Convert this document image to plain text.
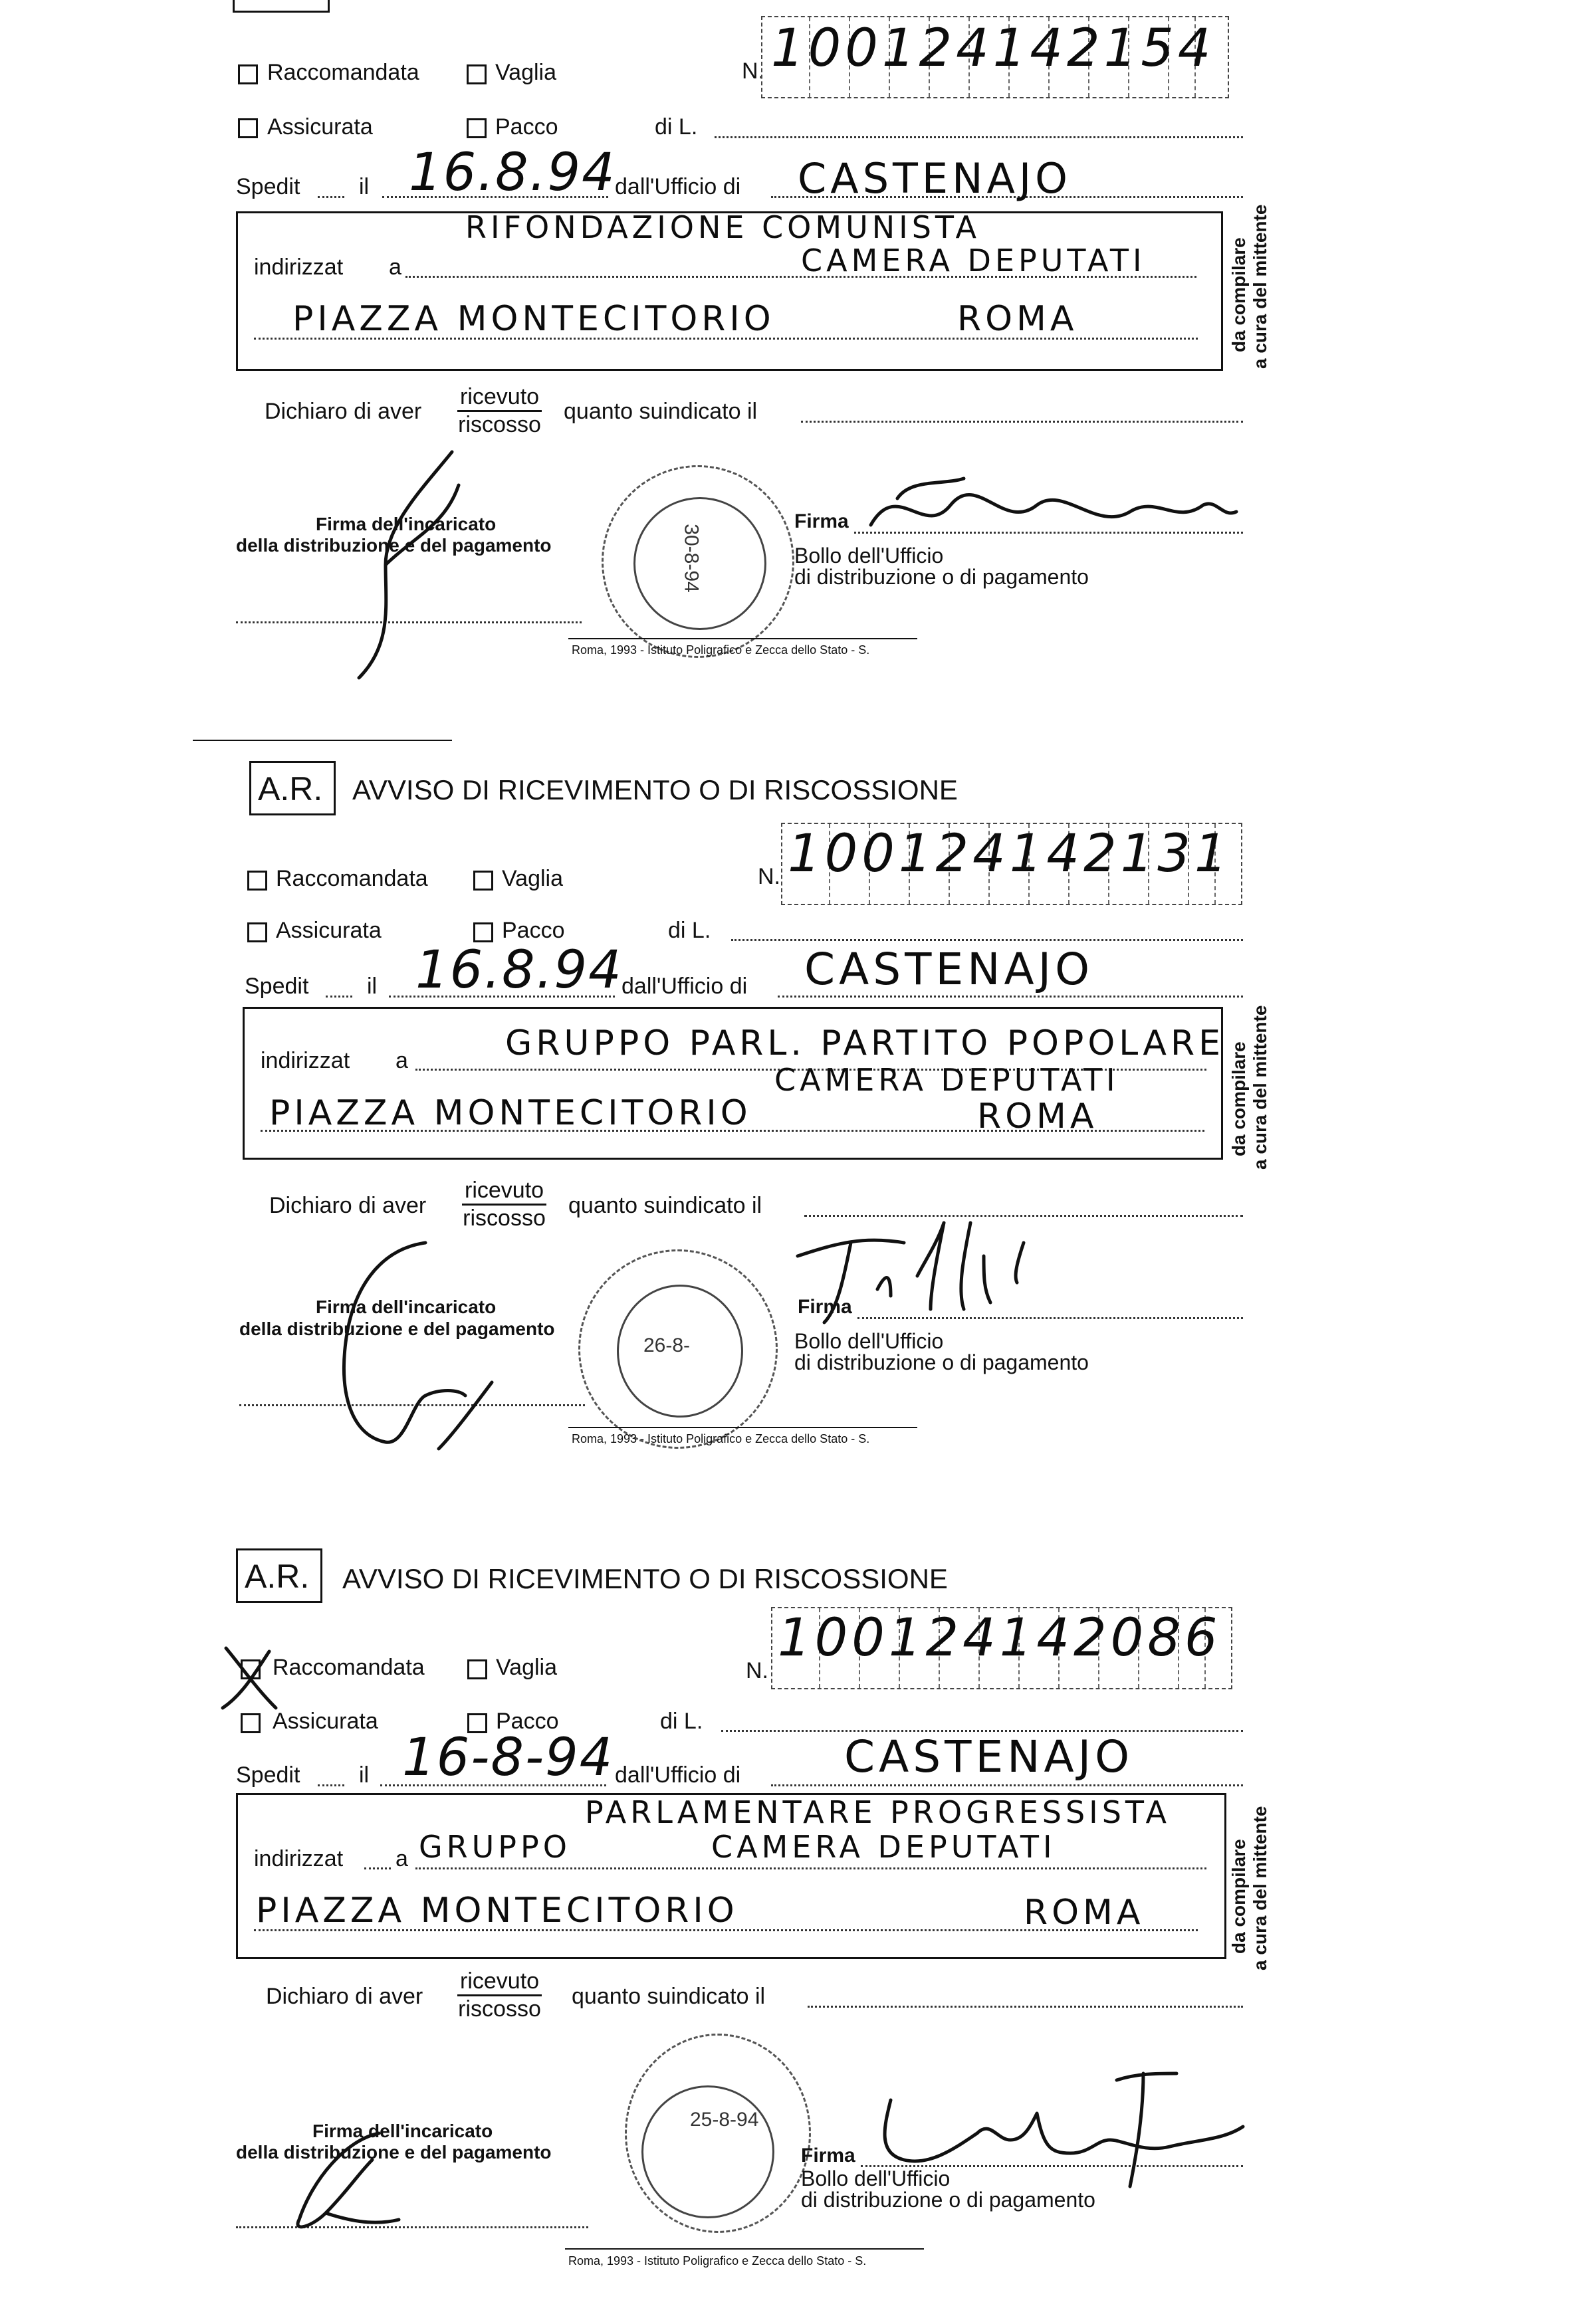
Raccomandata	Vaglia	N. 100124142154
Assicurata	Pacco	di L.
Spedit	il 16.8.94
dall'Ufficio di CASTENAJO
indirizzat a
RIFONDAZIONE COMUNISTA
CAMERA DEPUTATI
PIAZZA MONTECITORIO	ROMA	da compilare a cura del mittente
Dichiaro di aver
ricevuto
riscosso
quanto suindicato il
Firma dell'incaricato
della distribuzione e del pagamento	30-8-94
Firma
Bollo dell'Ufficio
di distribuzione o di pagamento
Roma, 1993 - Istituto Poligrafico e Zecca dello Stato - S.
A.R.	AVVISO DI RICEVIMENTO O DI RISCOSSIONE
Raccomandata	Vaglia	N. 100124142131
Assicurata	Pacco	di L.
Spedit	il 16.8.94
dall'Ufficio di CASTENAJO
indirizzat a	GRUPPO PARL. PARTITO POPOLARE
CAMERA DEPUTATI
PIAZZA MONTECITORIO	ROMA	da compilare a cura del mittente
Dichiaro di aver
ricevuto
riscosso quanto suindicato il
Firma dell'incaricato
della distribuzione e del pagamento
26-8-
Firma
Bollo dell'Ufficio
di distribuzione o di pagamento
Roma, 1993 - Istituto Poligrafico e Zecca dello Stato - S.
A.R.	AVVISO DI RICEVIMENTO O DI RISCOSSIONE
Raccomandata	Vaglia	N.
100124142086
Assicurata	Pacco	di L.
Spedit	il 16-8-94 dall'Ufficio di CASTENAJO
PARLAMENTARE PROGRESSISTA
indirizzat a GRUPPO	CAMERA DEPUTATI
PIAZZA MONTECITORIO	ROMA	da compilare a cura del mittente
Dichiaro di aver
ricevuto
riscosso quanto suindicato il
Firma dell'incaricato
della distribuzione e del pagamento
25-8-94
Firma
Bollo dell'Ufficio
di distribuzione o di pagamento
Roma, 1993 - Istituto Poligrafico e Zecca dello Stato - S.
